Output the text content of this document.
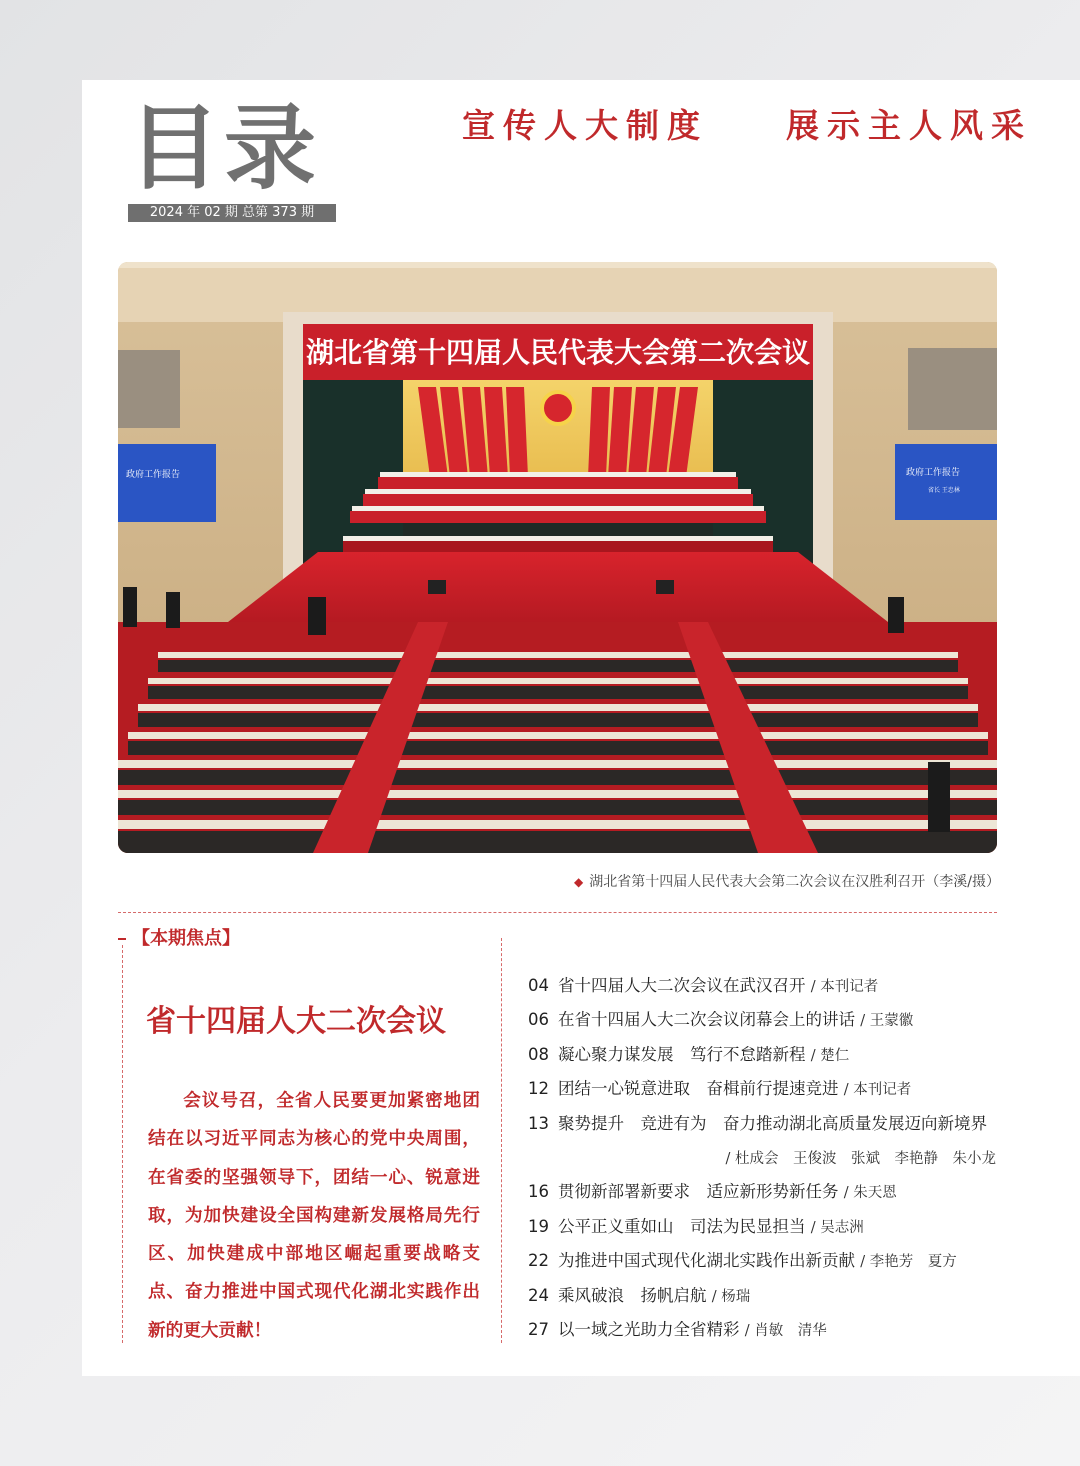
目录
2024 年 02 期 总第 373 期
宣传人大制度 展示主人风采
湖北省第十四届人民代表大会第二次会议
政府工作报告	政府工作报告
省长 王忠林
◆ 湖北省第十四届人民代表大会第二次会议在汉胜利召开（李溪/摄）
【本期焦点】
省十四届人大二次会议
会议号召，全省人民要更加紧密地团结在以习近平同志为核心的党中央周围，在省委的坚强领导下，团结一心、锐意进取，为加快建设全国构建新发展格局先行区、加快建成中部地区崛起重要战略支点、奋力推进中国式现代化湖北实践作出新的更大贡献！
04 省十四届人大二次会议在武汉召开 / 本刊记者
06 在省十四届人大二次会议闭幕会上的讲话 / 王蒙徽
08 凝心聚力谋发展　笃行不怠踏新程 / 楚仁
12 团结一心锐意进取　奋楫前行提速竞进 / 本刊记者
13 聚势提升　竞进有为　奋力推动湖北高质量发展迈向新境界
/ 杜成会　王俊波　张斌　李艳静　朱小龙
16 贯彻新部署新要求　适应新形势新任务 / 朱天恩
19 公平正义重如山　司法为民显担当 / 吴志洲
22 为推进中国式现代化湖北实践作出新贡献 / 李艳芳　夏方
24 乘风破浪　扬帆启航 / 杨瑞
27 以一域之光助力全省精彩 / 肖敏　清华
